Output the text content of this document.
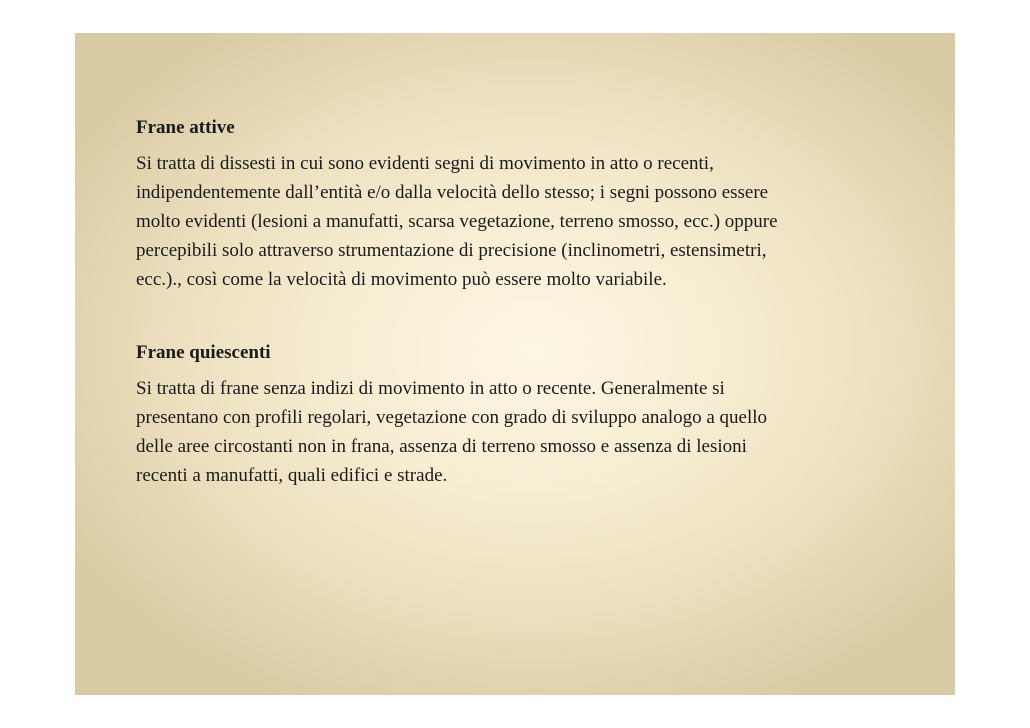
Frane attive
Si tratta di dissesti in cui sono evidenti segni di movimento in atto o recenti,
indipendentemente dall’entità e/o dalla velocità dello stesso; i segni possono essere
molto evidenti (lesioni a manufatti, scarsa vegetazione, terreno smosso, ecc.) oppure
percepibili solo attraverso strumentazione di precisione (inclinometri, estensimetri,
ecc.)., così come la velocità di movimento può essere molto variabile.
Frane quiescenti
Si tratta di frane senza indizi di movimento in atto o recente. Generalmente si
presentano con profili regolari, vegetazione con grado di sviluppo analogo a quello
delle aree circostanti non in frana, assenza di terreno smosso e assenza di lesioni
recenti a manufatti, quali edifici e strade.
